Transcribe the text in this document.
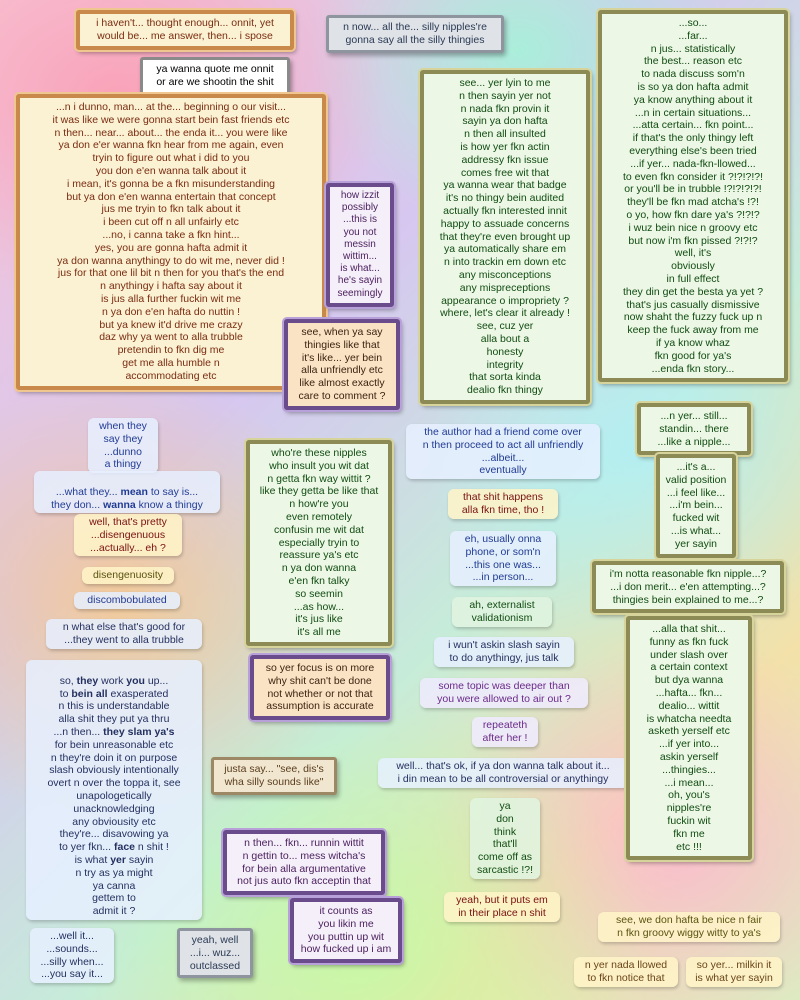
i haven't... thought enough... onnit, yet
would be... me answer, then... i spose
ya wanna quote me onnit
or are we shootin the shit
n now... all the... silly nipples're
gonna say all the silly thingies
...n i dunno, man... at the... beginning o our visit...
it was like we were gonna start bein fast friends etc
n then... near... about... the enda it... you were like
ya don e'er wanna fkn hear from me again, even
tryin to figure out what i did to you
you don e'en wanna talk about it
i mean, it's gonna be a fkn misunderstanding
but ya don e'en wanna entertain that concept
jus me tryin to fkn talk about it
i been cut off n all unfairly etc
...no, i canna take a fkn hint...
yes, you are gonna hafta admit it
ya don wanna anythingy to do wit me, never did !
jus for that one lil bit n then for you that's the end
n anythingy i hafta say about it
is jus alla further fuckin wit me
n ya don e'en hafta do nuttin !
but ya knew it'd drive me crazy
daz why ya went to alla trubble
pretendin to fkn dig me
get me alla humble n
accommodating etc
see... yer lyin to me
n then sayin yer not
n nada fkn provin it
sayin ya don hafta
n then all insulted
is how yer fkn actin
addressy fkn issue
comes free wit that
ya wanna wear that badge
it's no thingy bein audited
actually fkn interested innit
happy to assuade concerns
that they're even brought up
ya automatically share em
n into trackin em down etc
any misconceptions
any mispreceptions
appearance o impropriety ?
where, let's clear it already !
see, cuz yer
alla bout a
honesty
integrity
that sorta kinda
dealio fkn thingy
how izzit
possibly
...this is
you not
messin
wittim...
is what...
he's sayin
seemingly
see, when ya say
thingies like that
it's like... yer bein
alla unfriendly etc
like almost exactly
care to comment ?
the author had a friend come over
n then proceed to act all unfriendly
...albeit...
eventually
that shit happens
alla fkn time, tho !
eh, usually onna
phone, or som'n
...this one was...
...in person...
ah, externalist
validationism
i wun't askin slash sayin
to do anythingy, jus talk
some topic was deeper than
you were allowed to air out ?
repeateth
after her !
well... that's ok, if ya don wanna talk about it...
i din mean to be all controversial or anythingy
ya
don
think
that'll
come off as
sarcastic !?!
yeah, but it puts em
in their place n shit
who're these nipples
who insult you wit dat
n getta fkn way wittit ?
like they getta be like that
n how're you
even remotely
confusin me wit dat
especially tryin to
reassure ya's etc
n ya don wanna
e'en fkn talky
so seemin
...as how...
it's jus like
it's all me
so yer focus is on more
why shit can't be done
not whether or not that
assumption is accurate
justa say... "see, dis's
wha silly sounds like"
n then... fkn... runnin wittit
n gettin to... mess witcha's
for bein alla argumentative
not jus auto fkn acceptin that
it counts as
you likin me
you puttin up wit
how fucked up i am
yeah, well
...i... wuz...
outclassed
...so...
...far...
n jus... statistically
the best... reason etc
to nada discuss som'n
is so ya don hafta admit
ya know anything about it
...n in certain situations...
...atta certain... fkn point...
if that's the only thingy left
everything else's been tried
...if yer... nada-fkn-llowed...
to even fkn consider it ?!?!?!?!
or you'll be in trubble !?!?!?!?!
they'll be fkn mad atcha's !?!
o yo, how fkn dare ya's ?!?!?
i wuz bein nice n groovy etc
but now i'm fkn pissed ?!?!?
well, it's
obviously
in full effect
they din get the besta ya yet ?
that's jus casually dismissive
now shaht the fuzzy fuck up n
keep the fuck away from me
if ya know whaz
fkn good for ya's
...enda fkn story...
...n yer... still...
standin... there
...like a nipple...
...it's a...
valid position
...i feel like...
...i'm bein...
fucked wit
...is what...
yer sayin
i'm notta reasonable fkn nipple...?
...i don merit... e'en attempting...?
thingies bein explained to me...?
...alla that shit...
funny as fkn fuck
under slash over
a certain context
but dya wanna
...hafta... fkn...
dealio... wittit
is whatcha needta
asketh yerself etc
...if yer into...
askin yerself
...thingies...
...i mean...
oh, you's
nipples're
fuckin wit
fkn me
etc !!!
see, we don hafta be nice n fair
n fkn groovy wiggy witty to ya's
n yer nada llowed
to fkn notice that
so yer... milkin it
is what yer sayin
when they
say they
...dunno
a thingy

...what they... mean to say is...
they don... wanna know a thingy

well, that's pretty
...disengenuous
...actually... eh ?
disengenuosity
discombobulated
n what else that's good for
...they went to alla trubble

so, they work you up...
to bein all exasperated
n this is understandable
alla shit they put ya thru
...n then... they slam ya's
for bein unreasonable etc
n they're doin it on purpose
slash obviously intentionally
overt n over the toppa it, see
unapologetically
unacknowledging
any obviousity etc
they're... disavowing ya
to yer fkn... face n shit !
is what yer sayin
n try as ya might
ya canna
gettem to
admit it ?

...well it...
...sounds...
...silly when...
...you say it...
